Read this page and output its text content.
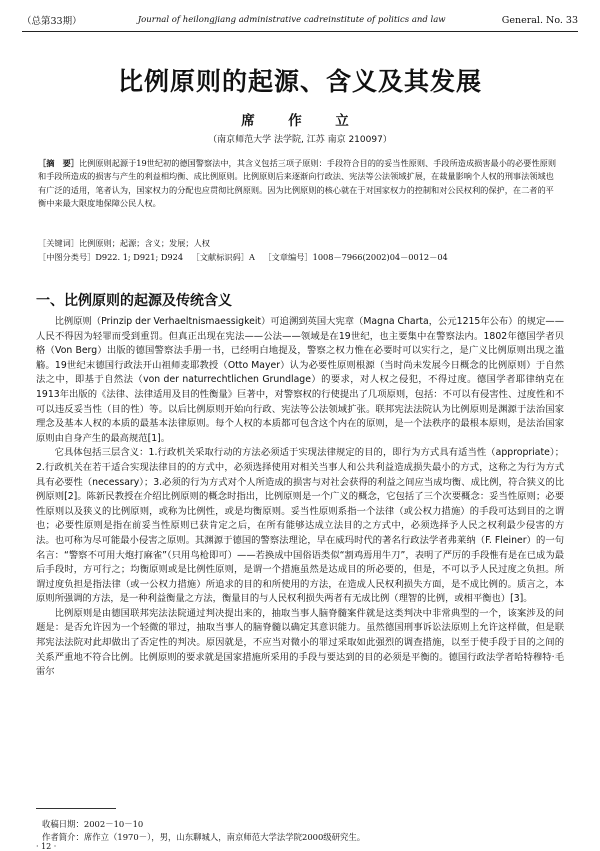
（总第33期）	Journal of heilongjiang administrative cadreinstitute of politics and law	General. No. 33
比例原则的起源、含义及其发展
席　作　立
（南京师范大学 法学院, 江苏 南京 210097）
［摘　要］比例原则起源于19世纪初的德国警察法中，其含义包括三项子原则：手段符合目的的妥当性原则、手段所造成损害最小的必要性原则和手段所造成的损害与产生的利益相均衡、成比例原则。比例原则后来逐渐向行政法、宪法等公法领域扩展，在裁量影响个人权的刑事法领域也有广泛的适用，笔者认为，国家权力的分配也应贯彻比例原则。因为比例原则的核心就在于对国家权力的控制和对公民权利的保护，在二者的平衡中来最大限度地保障公民人权。
［关键词］比例原则；起源；含义；发展；人权
［中图分类号］D922. 1; D921; D924 ［文献标识码］A ［文章编号］1008－7966(2002)04－0012－04
一、比例原则的起源及传统含义

比例原则（Prinzip der Verhaeltnismaessigkeit）可追溯到英国大宪章（Magna Charta，公元1215年公布）的规定——人民不得因为轻罪而受到重罚。但真正出现在宪法——公法——领域是在19世纪，也主要集中在警察法内。1802年德国学者贝格（Von Berg）出版的德国警察法手册一书，已经明白地提及，警察之权力惟在必要时可以实行之，是广义比例原则出现之滥觞。19世纪末德国行政法开山祖师麦耶教授（Otto Mayer）认为必要性原则根源（当时尚未发展今日概念的比例原则）于自然法之中，即基于自然法（von der naturrechtlichen Grundlage）的要求，对人权之侵犯，不得过度。德国学者耶律纳克在1913年出版的《法律、法律适用及目的性衡量》巨著中，对警察权的行使提出了几项原则，包括：不可以有侵害性、过度性和不可以违反妥当性（目的性）等。以后比例原则开始向行政、宪法等公法领域扩张。联邦宪法法院认为比例原则是渊源于法治国家理念及基本人权的本质的最基本法律原则。每个人权的本质都可包含这个内在的原则，是一个法秩序的最根本原则，是法治国家原则由自身产生的最高规范[1]。

它具体包括三层含义：1.行政机关采取行动的方法必须适于实现法律规定的目的，即行为方式具有适当性（appropriate）；2.行政机关在若干适合实现法律目的的方式中，必须选择使用对相关当事人和公共利益造成损失最小的方式，这称之为行为方式具有必要性（necessary）；3.必须的行为方式对个人所造成的损害与对社会获得的利益之间应当成均衡、成比例，符合狭义的比例原则[2]。陈新民教授在介绍比例原则的概念时指出，比例原则是一个广义的概念，它包括了三个次要概念：妥当性原则；必要性原则以及狭义的比例原则，或称为比例性，或是均衡原则。妥当性原则系指一个法律（或公权力措施）的手段可达到目的之谓也；必要性原则是指在前妥当性原则已获肯定之后，在所有能够达成立法目的之方式中，必须选择予人民之权利最少侵害的方法。也可称为尽可能最小侵害之原则。其渊源于德国的警察法理论，早在威玛时代的著名行政法学者弗莱纳（F. Fleiner）的一句名言：“警察不可用大炮打麻雀”（只用鸟枪即可）——若换成中国俗语类似“割鸡焉用牛刀”，表明了严厉的手段惟有是在已成为最后手段时，方可行之；均衡原则或是比例性原则，是谓一个措施虽然是达成目的所必要的，但是，不可以予人民过度之负担。所谓过度负担是指法律（或一公权力措施）所追求的目的和所使用的方法，在造成人民权利损失方面，是不成比例的。质言之，本原则所强调的方法，是一种利益衡量之方法，衡量目的与人民权利损失两者有无成比例（理智的比例，或相平衡也）[3]。

比例原则是由德国联邦宪法法院通过判决提出来的，抽取当事人脑脊髓案件就是这类判决中非常典型的一个，该案涉及的问题是：是否允许因为一个轻微的罪过，抽取当事人的脑脊髓以确定其意识能力。虽然德国刑事诉讼法原则上允许这样做，但是联邦宪法法院对此却做出了否定性的判决。原因就是，不应当对微小的罪过采取如此强烈的调查措施，以至于使手段于目的之间的关系严重地不符合比例。比例原则的要求就是国家措施所采用的手段与要达到的目的必须是平衡的。德国行政法学者哈特穆特·毛雷尔

收稿日期：2002－10－10
作者简介：席作立（1970－），男，山东聊城人，南京师范大学法学院2000级研究生。
· 12 ·
